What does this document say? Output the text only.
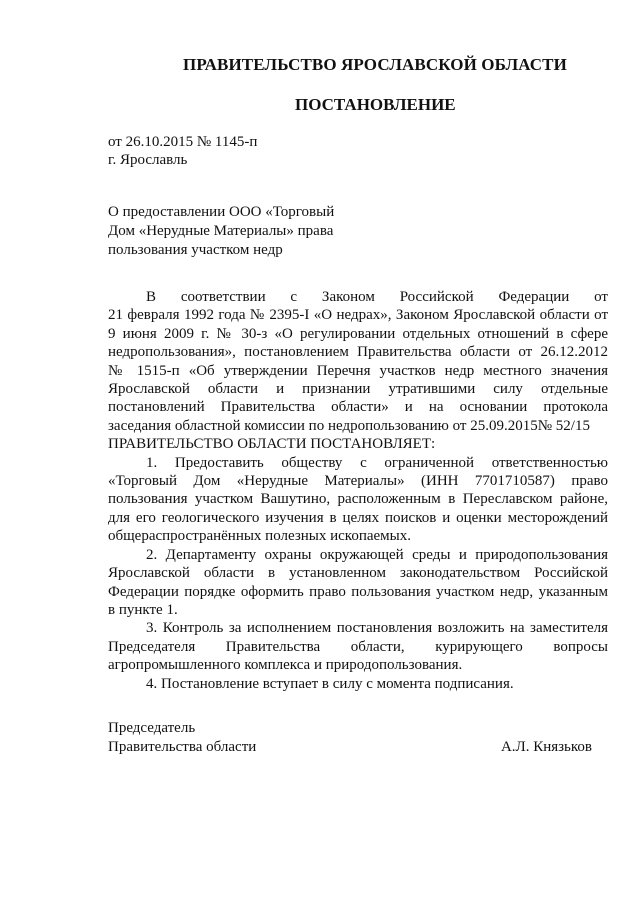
ПРАВИТЕЛЬСТВО ЯРОСЛАВСКОЙ ОБЛАСТИ
ПОСТАНОВЛЕНИЕ
от 26.10.2015 № 1145-п
г. Ярославль
О предоставлении ООО «Торговый
Дом «Нерудные Материалы» права
пользования участком недр
В соответствии с Законом Российской Федерации от
21 февраля 1992 года № 2395-I «О недрах», Законом Ярославской области от
9 июня 2009 г. № 30-з «О регулировании отдельных отношений в сфере
недропользования», постановлением Правительства области от 26.12.2012
№ 1515-п «Об утверждении Перечня участков недр местного значения
Ярославской области и признании утратившими силу отдельные
постановлений Правительства области» и на основании протокола
заседания областной комиссии по недропользованию от 25.09.2015№ 52/15
ПРАВИТЕЛЬСТВО ОБЛАСТИ ПОСТАНОВЛЯЕТ:
1. Предоставить обществу с ограниченной ответственностью
«Торговый Дом «Нерудные Материалы» (ИНН 7701710587) право
пользования участком Вашутино, расположенным в Переславском районе,
для его геологического изучения в целях поисков и оценки месторождений
общераспространённых полезных ископаемых.
2. Департаменту охраны окружающей среды и природопользования
Ярославской области в установленном законодательством Российской
Федерации порядке оформить право пользования участком недр, указанным
в пункте 1.
3. Контроль за исполнением постановления возложить на заместителя
Председателя Правительства области, курирующего вопросы
агропромышленного комплекса и природопользования.
4. Постановление вступает в силу с момента подписания.
Председатель
Правительства области	А.Л. Князьков
